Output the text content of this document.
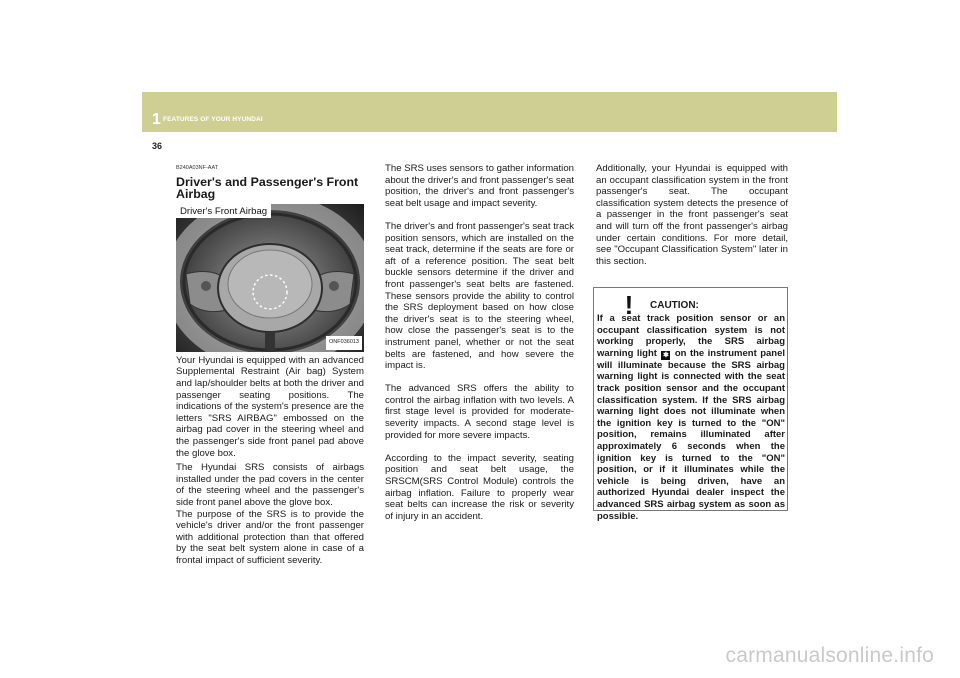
1 FEATURES OF YOUR HYUNDAI
36
B240A03NF-AAT
Driver's and Passenger's Front Airbag
Driver's Front Airbag
ONF036013

Your Hyundai is equipped with an advanced Supplemental Restraint (Air bag) System and lap/shoulder belts at both the driver and passenger seating positions. The indications of the system's presence are the letters "SRS AIRBAG" embossed on the airbag pad cover in the steering wheel and the passenger's side front panel pad above the glove box.

The Hyundai SRS consists of airbags installed under the pad covers in the center of the steering wheel and the passenger's side front panel above the glove box.

The purpose of the SRS is to provide the vehicle's driver and/or the front passenger with additional protection than that offered by the seat belt system alone in case of a frontal impact of sufficient severity.

The SRS uses sensors to gather information about the driver's and front passenger's seat position, the driver's and front passenger's seat belt usage and impact severity.

The driver's and front passenger's seat track position sensors, which are installed on the seat track, determine if the seats are fore or aft of a reference position. The seat belt buckle sensors determine if the driver and front passenger's seat belts are fastened. These sensors provide the ability to control the SRS deployment based on how close the driver's seat is to the steering wheel, how close the passenger's seat is to the instrument panel, whether or not the seat belts are fastened, and how severe the impact is.

The advanced SRS offers the ability to control the airbag inflation with two levels. A first stage level is provided for moderate-severity impacts. A second stage level is provided for more severe impacts.

According to the impact severity, seating position and seat belt usage, the SRSCM(SRS Control Module) controls the airbag inflation. Failure to properly wear seat belts can increase the risk or severity of injury in an accident.

Additionally, your Hyundai is equipped with an occupant classification system in the front passenger's seat. The occupant classification system detects the presence of a passenger in the front passenger's seat and will turn off the front passenger's airbag under certain conditions. For more detail, see "Occupant Classification System" later in this section.

! CAUTION:
If a seat track position sensor or an occupant classification system is not working properly, the SRS airbag warning light ✱ on the instrument panel will illuminate because the SRS airbag warning light is connected with the seat track position sensor and the occupant classification system. If the SRS airbag warning light does not illuminate when the ignition key is turned to the "ON" position, remains illuminated after approximately 6 seconds when the ignition key is turned to the "ON" position, or if it illuminates while the vehicle is being driven, have an authorized Hyundai dealer inspect the advanced SRS airbag system as soon as possible.
carmanualsonline.info
